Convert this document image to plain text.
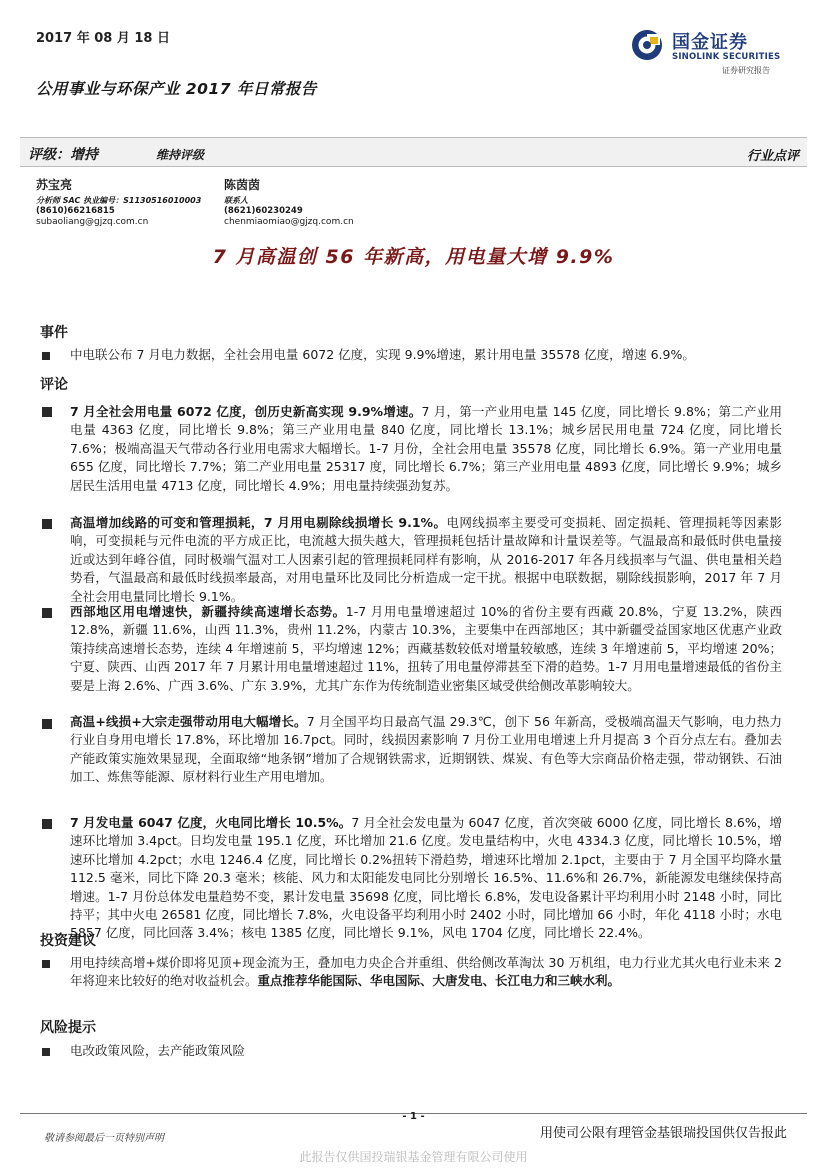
2017 年 08 月 18 日	国金证券
SINOLINK SECURITIES
证券研究报告
公用事业与环保产业 2017 年日常报告
评级：增持	维持评级	行业点评
苏宝亮
分析师 SAC 执业编号：S1130516010003
(8610)66216815
subaoliang@gjzq.com.cn
陈茵茵
联系人
(8621)60230249
chenmiaomiao@gjzq.com.cn
7 月高温创 56 年新高，用电量大增 9.9%
事件
中电联公布 7 月电力数据，全社会用电量 6072 亿度，实现 9.9%增速，累计用电量 35578 亿度，增速 6.9%。
评论
7 月全社会用电量 6072 亿度，创历史新高实现 9.9%增速。7 月，第一产业用电量 145 亿度，同比增长 9.8%；第二产业用电量 4363 亿度，同比增长 9.8%；第三产业用电量 840 亿度，同比增长 13.1%；城乡居民用电量 724 亿度，同比增长 7.6%；极端高温天气带动各行业用电需求大幅增长。1-7 月份，全社会用电量 35578 亿度，同比增长 6.9%。第一产业用电量 655 亿度，同比增长 7.7%；第二产业用电量 25317 度，同比增长 6.7%；第三产业用电量 4893 亿度，同比增长 9.9%；城乡居民生活用电量 4713 亿度，同比增长 4.9%；用电量持续强劲复苏。
高温增加线路的可变和管理损耗，7 月用电剔除线损增长 9.1%。电网线损率主要受可变损耗、固定损耗、管理损耗等因素影响，可变损耗与元件电流的平方成正比，电流越大损失越大，管理损耗包括计量故障和计量误差等。气温最高和最低时供电量接近或达到年峰谷值，同时极端气温对工人因素引起的管理损耗同样有影响，从 2016-2017 年各月线损率与气温、供电量相关趋势看，气温最高和最低时线损率最高，对用电量环比及同比分析造成一定干扰。根据中电联数据，剔除线损影响，2017 年 7 月全社会用电量同比增长 9.1%。
西部地区用电增速快，新疆持续高速增长态势。1-7 月用电量增速超过 10%的省份主要有西藏 20.8%，宁夏 13.2%，陕西 12.8%，新疆 11.6%，山西 11.3%，贵州 11.2%，内蒙古 10.3%，主要集中在西部地区；其中新疆受益国家地区优惠产业政策持续高速增长态势，连续 4 年增速前 5，平均增速 12%；西藏基数较低对增量较敏感，连续 3 年增速前 5，平均增速 20%；宁夏、陕西、山西 2017 年 7 月累计用电量增速超过 11%，扭转了用电量停滞甚至下滑的趋势。1-7 月用电量增速最低的省份主要是上海 2.6%、广西 3.6%、广东 3.9%，尤其广东作为传统制造业密集区域受供给侧改革影响较大。
高温+线损+大宗走强带动用电大幅增长。7 月全国平均日最高气温 29.3℃，创下 56 年新高，受极端高温天气影响，电力热力行业自身用电增长 17.8%，环比增加 16.7pct。同时，线损因素影响 7 月份工业用电增速上升月提高 3 个百分点左右。叠加去产能政策实施效果显现，全面取缔“地条钢”增加了合规钢铁需求，近期钢铁、煤炭、有色等大宗商品价格走强，带动钢铁、石油加工、炼焦等能源、原材料行业生产用电增加。
7 月发电量 6047 亿度，火电同比增长 10.5%。7 月全社会发电量为 6047 亿度，首次突破 6000 亿度，同比增长 8.6%，增速环比增加 3.4pct。日均发电量 195.1 亿度，环比增加 21.6 亿度。发电量结构中，火电 4334.3 亿度，同比增长 10.5%，增速环比增加 4.2pct；水电 1246.4 亿度，同比增长 0.2%扭转下滑趋势，增速环比增加 2.1pct，主要由于 7 月全国平均降水量 112.5 毫米，同比下降 20.3 毫米；核能、风力和太阳能发电同比分别增长 16.5%、11.6%和 26.7%，新能源发电继续保持高增速。1-7 月份总体发电量趋势不变，累计发电量 35698 亿度，同比增长 6.8%，发电设备累计平均利用小时 2148 小时，同比持平；其中火电 26581 亿度，同比增长 7.8%，火电设备平均利用小时 2402 小时，同比增加 66 小时，年化 4118 小时；水电 5857 亿度，同比回落 3.4%；核电 1385 亿度，同比增长 9.1%，风电 1704 亿度，同比增长 22.4%。
投资建议
用电持续高增+煤价即将见顶+现金流为王，叠加电力央企合并重组、供给侧改革淘汰 30 万机组，电力行业尤其火电行业未来 2 年将迎来比较好的绝对收益机会。重点推荐华能国际、华电国际、大唐发电、长江电力和三峡水利。
风险提示
电改政策风险，去产能政策风险
- 1 -
敬请参阅最后一页特别声明	用使司公限有理管金基银瑞投国供仅告报此
此报告仅供国投瑞银基金管理有限公司使用
